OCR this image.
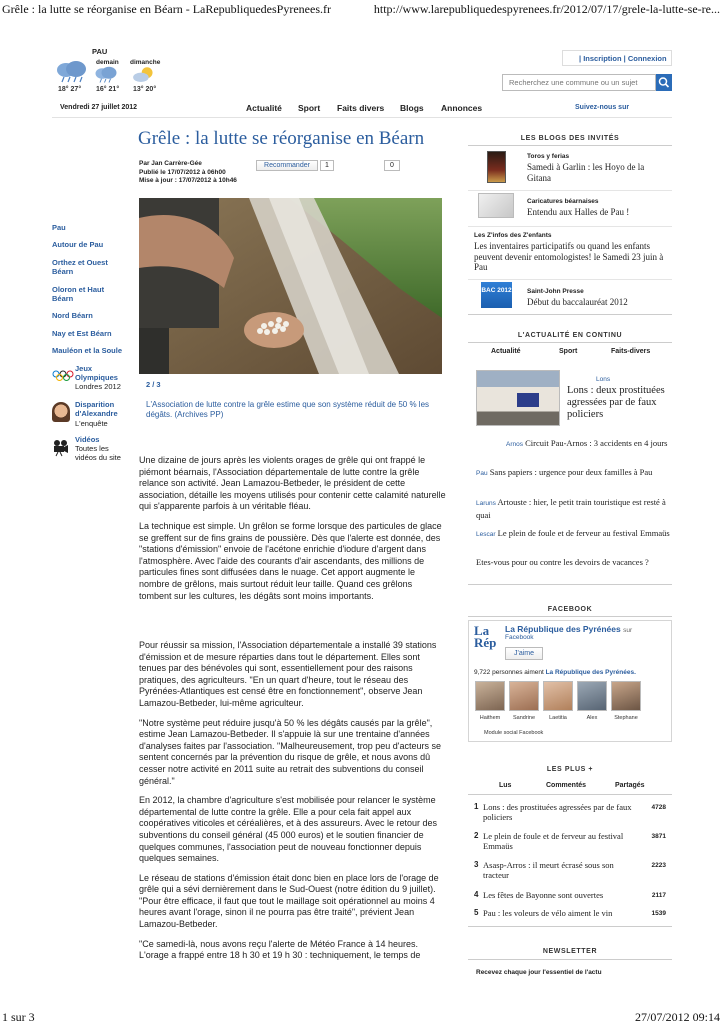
Grêle : la lutte se réorganise en Béarn - LaRepubliquedesPyrenees.fr	http://www.larepubliquedespyrenees.fr/2012/07/17/grele-la-lutte-se-re...
PAU
demain dimanche
18° 27° 16° 21° 13° 20°
| Inscription | Connexion
Recherchez une commune ou un sujet
Vendredi 27 juillet 2012	Actualité Sport Faits divers Blogs Annonces	Suivez-nous sur
Pau
Autour de Pau
Orthez et Ouest Béarn
Oloron et Haut Béarn
Nord Béarn
Nay et Est Béarn
Mauléon et la Soule
Jeux Olympiques
Londres 2012
Disparition d'Alexandre
L'enquête
Vidéos
Toutes les vidéos du site
Grêle : la lutte se réorganise en Béarn
Par Jan Carrère-Gée
Publié le 17/07/2012 à 06h00
Mise à jour : 17/07/2012 à 10h46
Recommander	1	0
2 / 3
L'Association de lutte contre la grêle estime que son système réduit de 50 % les dégâts. (Archives PP)

Une dizaine de jours après les violents orages de grêle qui ont frappé le piémont béarnais, l'Association départementale de lutte contre la grêle relance son activité. Jean Lamazou-Betbeder, le président de cette association, détaille les moyens utilisés pour contenir cette calamité naturelle qui s'apparente parfois à un véritable fléau.

La technique est simple. Un grêlon se forme lorsque des particules de glace se greffent sur de fins grains de poussière. Dès que l'alerte est donnée, des "stations d'émission" envoie de l'acétone enrichie d'iodure d'argent dans l'atmosphère. Avec l'aide des courants d'air ascendants, des millions de particules fines sont diffusées dans le nuage. Cet apport augmente le nombre de grêlons, mais surtout réduit leur taille. Quand ces grêlons tombent sur les cultures, les dégâts sont moins importants.

Pour réussir sa mission, l'Association départementale a installé 39 stations d'émission et de mesure réparties dans tout le département. Elles sont tenues par des bénévoles qui sont, essentiellement pour des raisons pratiques, des agriculteurs. "En un quart d'heure, tout le réseau des Pyrénées-Atlantiques est censé être en fonctionnement", observe Jean Lamazou-Betbeder, lui-même agriculteur.

"Notre système peut réduire jusqu'à 50 % les dégâts causés par la grêle", estime Jean Lamazou-Betbeder. Il s'appuie là sur une trentaine d'années d'analyses faites par l'association. "Malheureusement, trop peu d'acteurs se sentent concernés par la prévention du risque de grêle, et nous avons dû cesser notre activité en 2011 suite au retrait des subventions du conseil général."

En 2012, la chambre d'agriculture s'est mobilisée pour relancer le système départemental de lutte contre la grêle. Elle a pour cela fait appel aux coopératives viticoles et céréalières, et à des assureurs. Avec le retour des subventions du conseil général (45 000 euros) et le soutien financier de quelques communes, l'association peut de nouveau fonctionner depuis quelques semaines.

Le réseau de stations d'émission était donc bien en place lors de l'orage de grêle qui a sévi dernièrement dans le Sud-Ouest (notre édition du 9 juillet). "Pour être efficace, il faut que tout le maillage soit opérationnel au moins 4 heures avant l'orage, sinon il ne pourra pas être traité", prévient Jean Lamazou-Betbeder.

"Ce samedi-là, nous avons reçu l'alerte de Météo France à 14 heures. L'orage a frappé entre 18 h 30 et 19 h 30 : techniquement, le temps de

LES BLOGS DES INVITÉS
Toros y ferias
Samedi à Garlin : les Hoyo de la Gitana
Caricatures béarnaises
Entendu aux Halles de Pau !
Les Z'infos des Z'enfants
Les inventaires participatifs ou quand les enfants peuvent devenir entomologistes! le Samedi 23 juin à Pau
BAC 2012 Saint-John Presse
Début du baccalauréat 2012
L'ACTUALITÉ EN CONTINU
Actualité	Sport	Faits-divers
Lons
Lons : deux prostituées agressées par de faux policiers
Arnos Circuit Pau-Arnos : 3 accidents en 4 jours
Pau Sans papiers : urgence pour deux familles à Pau
Laruns Artouste : hier, le petit train touristique est resté à quai
Lescar Le plein de foule et de ferveur au festival Emmaüs
Etes-vous pour ou contre les devoirs de vacances ?
FACEBOOK
La
Rép
La République des Pyrénées sur
Facebook
J'aime
9,722 personnes aiment La République des Pyrénées.
Haithem	Sandrine	Laetitia	Alex	Stephane
Module social Facebook
LES PLUS +
Lus	Commentés	Partagés
1 Lons : des prostituées agressées par de faux policiers
4728
2 Le plein de foule et de ferveur au festival Emmaüs
3871
3 Asasp-Arros : il meurt écrasé sous son tracteur
2223
4 Les fêtes de Bayonne sont ouvertes	2117
5 Pau : les voleurs de vélo aiment le vin	1539
NEWSLETTER
Recevez chaque jour l'essentiel de l'actu
1 sur 3	27/07/2012 09:14
